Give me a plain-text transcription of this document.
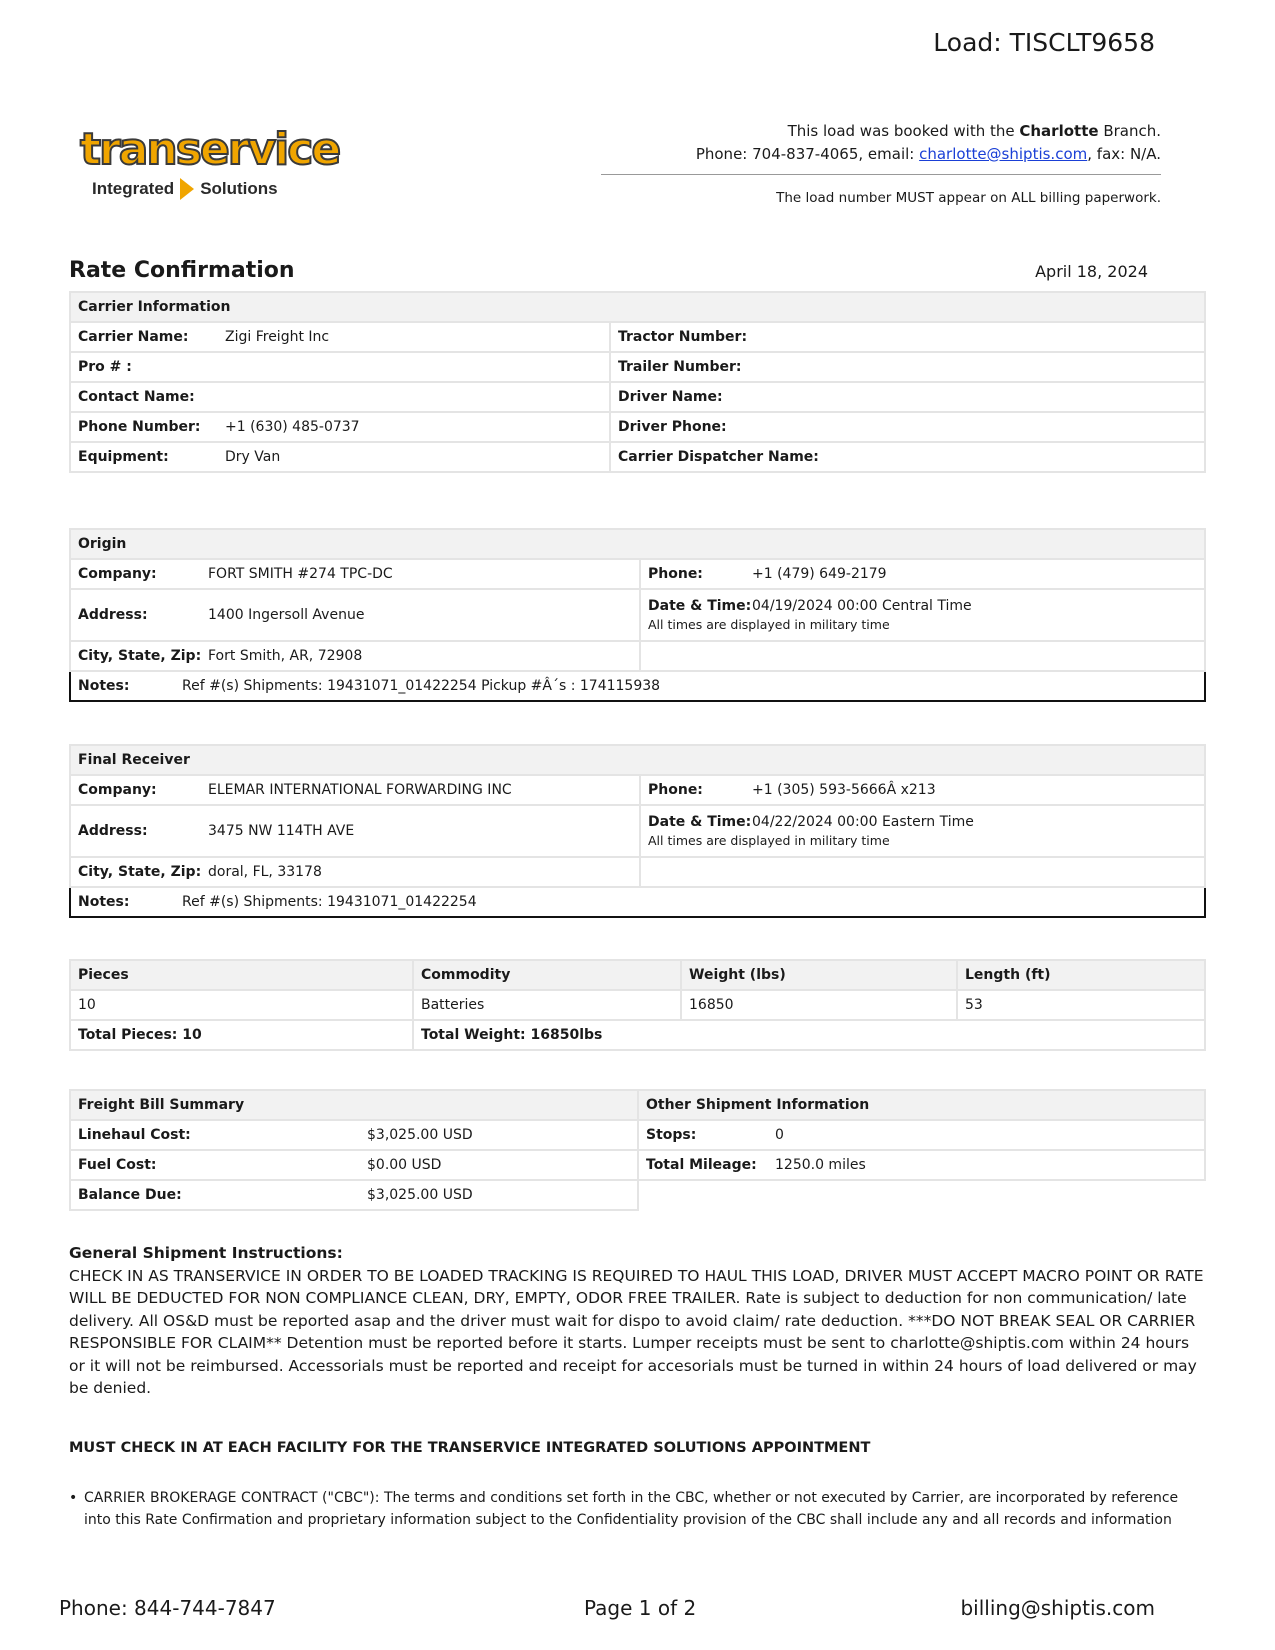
Load: TISCLT9658
transervice
Integrated Solutions
This load was booked with the Charlotte Branch.
Phone: 704-837-4065, email: charlotte@shiptis.com, fax: N/A.
The load number MUST appear on ALL billing paperwork.
Rate Confirmation	April 18, 2024
Carrier Information	
Carrier Name: Zigi Freight Inc	Tractor Number:
Pro # :	Trailer Number:
Contact Name:	Driver Name:
Phone Number: +1 (630) 485-0737	Driver Phone:
Equipment: Dry Van	Carrier Dispatcher Name:
Origin	
Company: FORT SMITH #274 TPC-DC	Phone: +1 (479) 649-2179
Address: 1400 Ingersoll Avenue	Date & Time:04/19/2024 00:00 Central Time
All times are displayed in military time

City, State, Zip: Fort Smith, AR, 72908	
Notes: Ref #(s) Shipments: 19431071_01422254 Pickup #Â´s : 174115938	
Final Receiver	
Company: ELEMAR INTERNATIONAL FORWARDING INC	Phone: +1 (305) 593-5666Â x213
Address: 3475 NW 114TH AVE	Date & Time:04/22/2024 00:00 Eastern Time
All times are displayed in military time

City, State, Zip: doral, FL, 33178	
Notes: Ref #(s) Shipments: 19431071_01422254	
Pieces	Commodity	Weight (lbs)	Length (ft)
10	Batteries	16850	53
Total Pieces: 10	Total Weight: 16850lbs		
Freight Bill Summary	
Linehaul Cost:	$3,025.00 USD
Fuel Cost:	$0.00 USD
Balance Due:	$3,025.00 USD
Other Shipment Information	
Stops:	0
Total Mileage:	1250.0 miles
General Shipment Instructions:
CHECK IN AS TRANSERVICE IN ORDER TO BE LOADED TRACKING IS REQUIRED TO HAUL THIS LOAD, DRIVER MUST ACCEPT MACRO POINT OR RATE WILL BE DEDUCTED FOR NON COMPLIANCE CLEAN, DRY, EMPTY, ODOR FREE TRAILER. Rate is subject to deduction for non communication/ late delivery. All OS&D must be reported asap and the driver must wait for dispo to avoid claim/ rate deduction. ***DO NOT BREAK SEAL OR CARRIER RESPONSIBLE FOR CLAIM** Detention must be reported before it starts. Lumper receipts must be sent to charlotte@shiptis.com within 24 hours or it will not be reimbursed. Accessorials must be reported and receipt for accesorials must be turned in within 24 hours of load delivered or may be denied.
MUST CHECK IN AT EACH FACILITY FOR THE TRANSERVICE INTEGRATED SOLUTIONS APPOINTMENT
• CARRIER BROKERAGE CONTRACT ("CBC"): The terms and conditions set forth in the CBC, whether or not executed by Carrier, are incorporated by reference into this Rate Confirmation and proprietary information subject to the Confidentiality provision of the CBC shall include any and all records and information
Phone: 844-744-7847	Page 1 of 2	billing@shiptis.com
